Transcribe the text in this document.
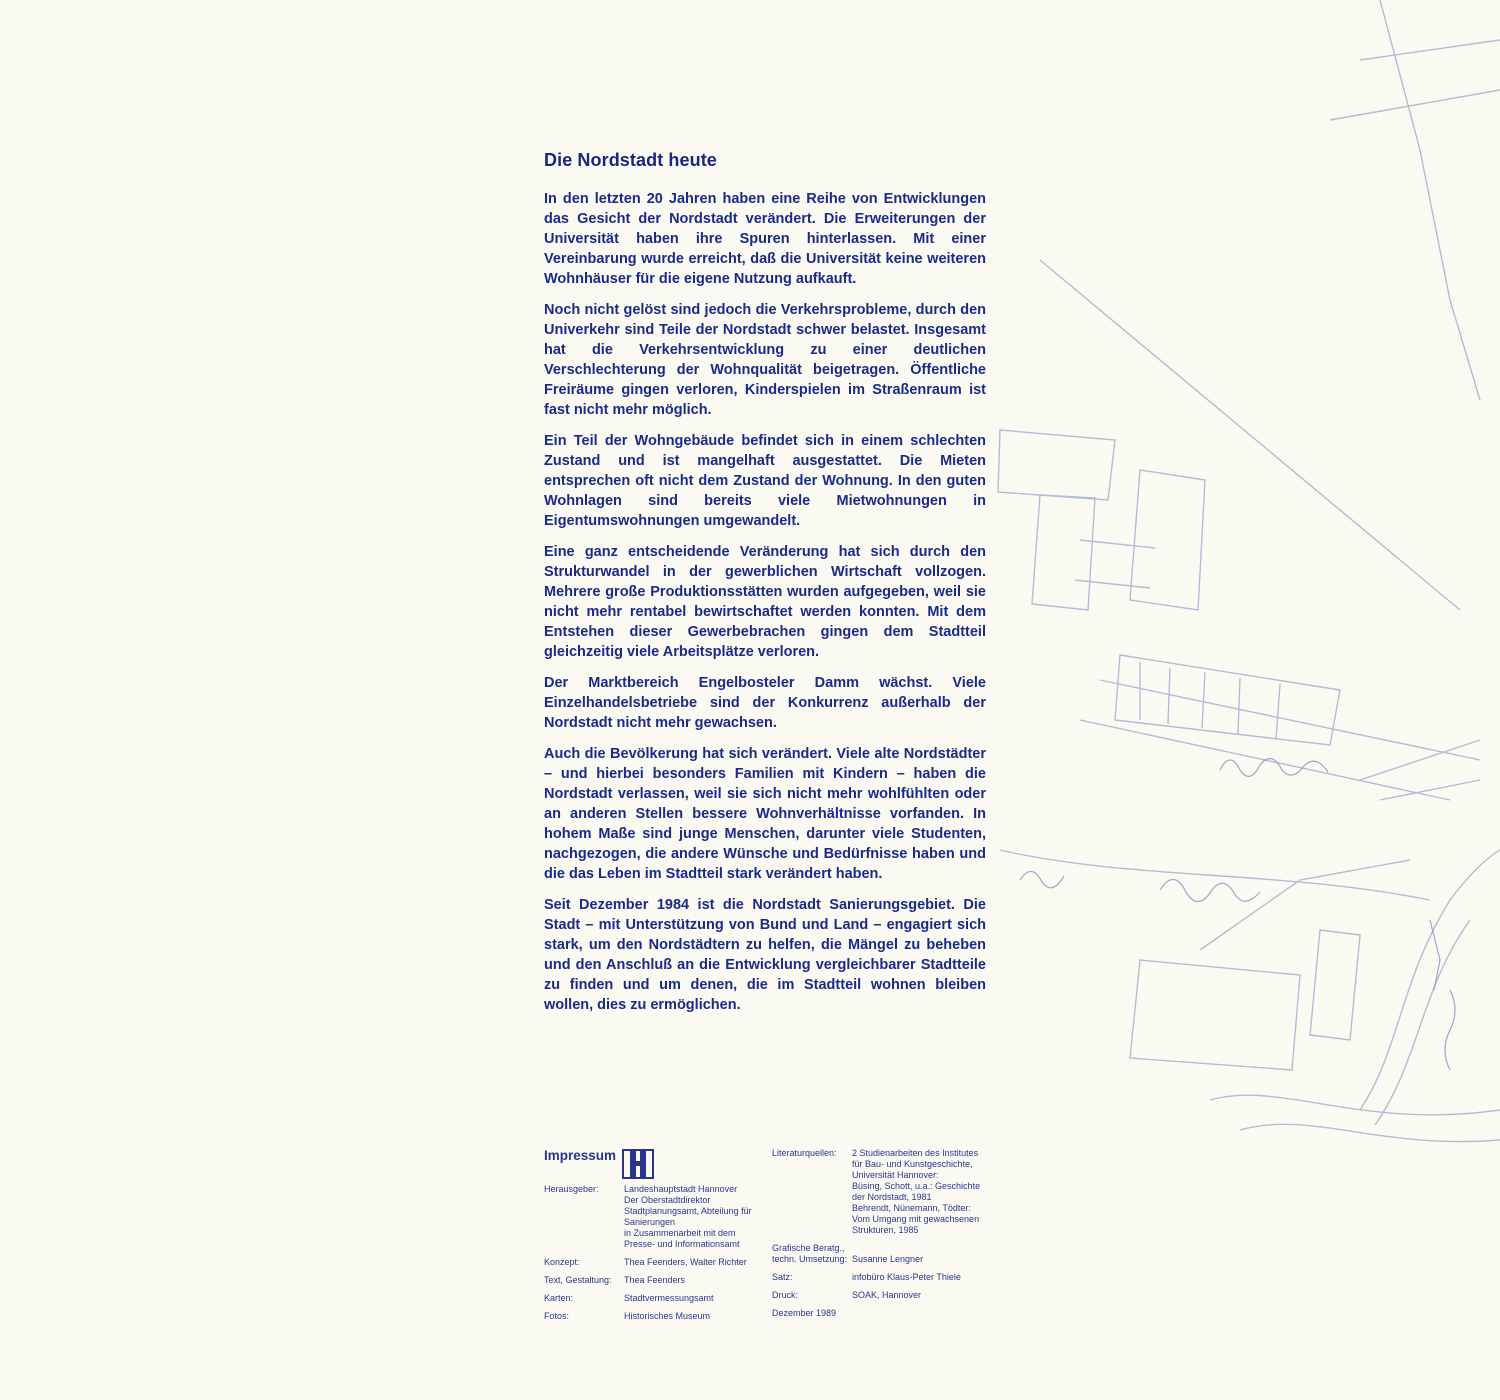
Die Nordstadt heute

In den letzten 20 Jahren haben eine Reihe von Entwicklungen das Gesicht der Nordstadt verändert. Die Erweiterungen der Universität haben ihre Spuren hinterlassen. Mit einer Vereinbarung wurde erreicht, daß die Universität keine weiteren Wohnhäuser für die eigene Nutzung aufkauft.

Noch nicht gelöst sind jedoch die Verkehrsprobleme, durch den Univerkehr sind Teile der Nordstadt schwer belastet. Insgesamt hat die Verkehrsentwicklung zu einer deutlichen Verschlechterung der Wohnqualität beigetragen. Öffentliche Freiräume gingen verloren, Kinderspielen im Straßenraum ist fast nicht mehr möglich.

Ein Teil der Wohngebäude befindet sich in einem schlechten Zustand und ist mangelhaft ausgestattet. Die Mieten entsprechen oft nicht dem Zustand der Wohnung. In den guten Wohnlagen sind bereits viele Mietwohnungen in Eigentumswohnungen umgewandelt.

Eine ganz entscheidende Veränderung hat sich durch den Strukturwandel in der gewerblichen Wirtschaft vollzogen. Mehrere große Produktionsstätten wurden aufgegeben, weil sie nicht mehr rentabel bewirtschaftet werden konnten. Mit dem Entstehen dieser Gewerbebrachen gingen dem Stadtteil gleichzeitig viele Arbeitsplätze verloren.

Der Marktbereich Engelbosteler Damm wächst. Viele Einzelhandelsbetriebe sind der Konkurrenz außerhalb der Nordstadt nicht mehr gewachsen.

Auch die Bevölkerung hat sich verändert. Viele alte Nordstädter – und hierbei besonders Familien mit Kindern – haben die Nordstadt verlassen, weil sie sich nicht mehr wohlfühlten oder an anderen Stellen bessere Wohnverhältnisse vorfanden. In hohem Maße sind junge Menschen, darunter viele Studenten, nachgezogen, die andere Wünsche und Bedürfnisse haben und die das Leben im Stadtteil stark verändert haben.

Seit Dezember 1984 ist die Nordstadt Sanierungsgebiet. Die Stadt – mit Unterstützung von Bund und Land – engagiert sich stark, um den Nordstädtern zu helfen, die Mängel zu beheben und den Anschluß an die Entwicklung vergleichbarer Stadtteile zu finden und um denen, die im Stadtteil wohnen bleiben wollen, dies zu ermöglichen.

Impressum
Herausgeber:	Landeshauptstadt Hannover
Der Oberstadtdirektor
Stadtplanungsamt, Abteilung für
Sanierungen
in Zusammenarbeit mit dem
Presse- und Informationsamt
Konzept:	Thea Feenders, Walter Richter
Text, Gestaltung:	Thea Feenders
Karten:	Stadtvermessungsamt
Fotos:	Historisches Museum
Literaturquellen:	2 Studienarbeiten des Institutes
für Bau- und Kunstgeschichte,
Universität Hannover:
Büsing, Schott, u.a.: Geschichte
der Nordstadt, 1981
Behrendt, Nünemann, Tödter:
Vom Umgang mit gewachsenen
Strukturen, 1985
Grafische Beratg.,
techn. Umsetzung: Susanne Lengner
Satz:	infobüro Klaus-Peter Thiele
Druck:	SOAK, Hannover
Dezember 1989
